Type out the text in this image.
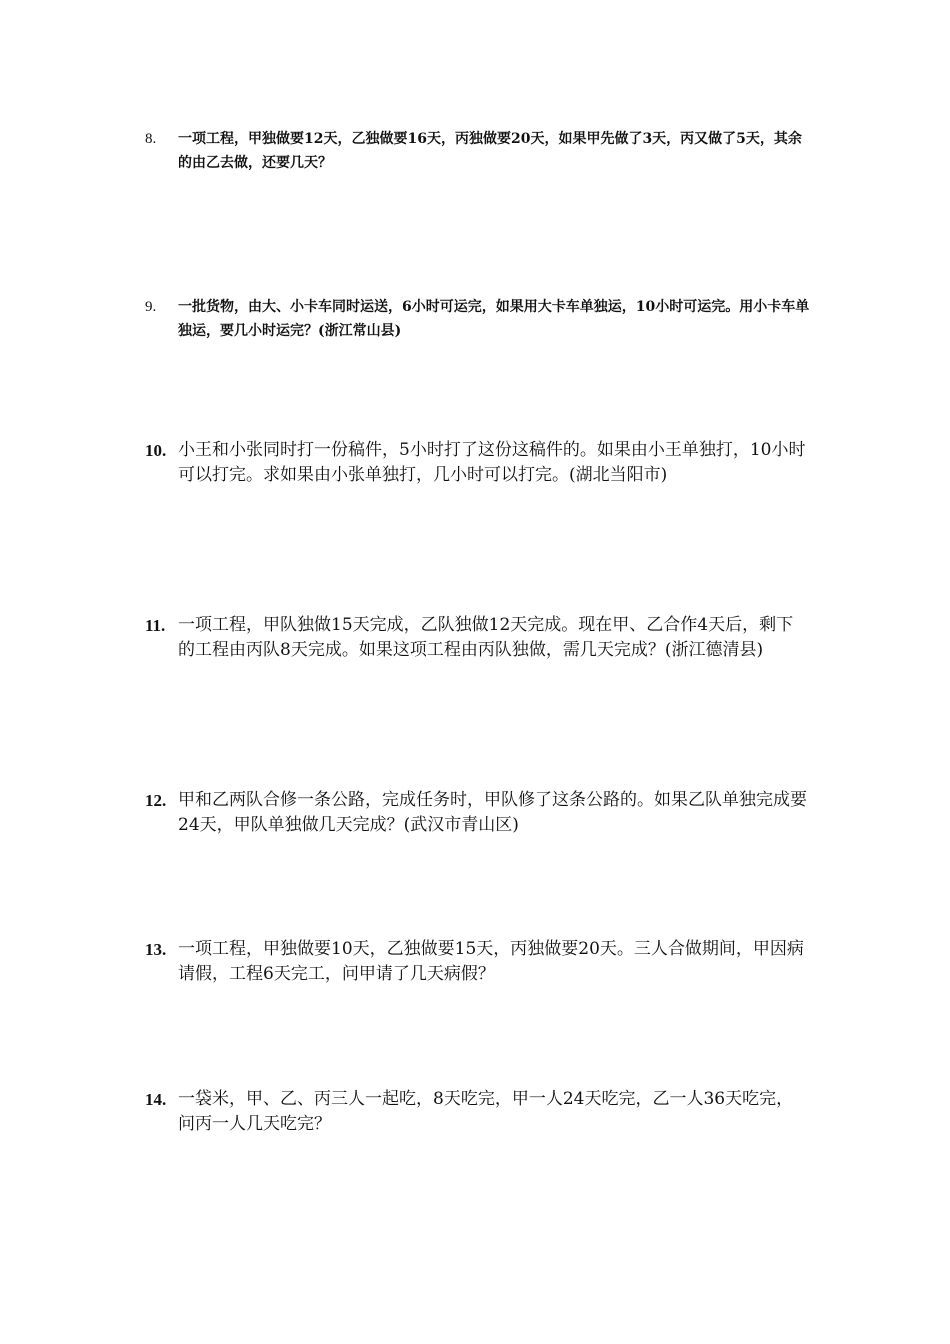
8.	一项工程，甲独做要12天，乙独做要16天，丙独做要20天，如果甲先做了3天，丙又做了5天，其余的由乙去做，还要几天？
9.	一批货物，由大、小卡车同时运送，6小时可运完，如果用大卡车单独运，10小时可运完。用小卡车单独运，要几小时运完？(浙江常山县)
10. 小王和小张同时打一份稿件，5小时打了这份这稿件的。如果由小王单独打，10小时可以打完。求如果由小张单独打，几小时可以打完。(湖北当阳市)
11. 一项工程，甲队独做15天完成，乙队独做12天完成。现在甲、乙合作4天后，剩下的工程由丙队8天完成。如果这项工程由丙队独做，需几天完成？(浙江德清县)
12. 甲和乙两队合修一条公路，完成任务时，甲队修了这条公路的。如果乙队单独完成要24天，甲队单独做几天完成？(武汉市青山区)
13. 一项工程，甲独做要10天，乙独做要15天，丙独做要20天。三人合做期间，甲因病请假，工程6天完工，问甲请了几天病假？
14. 一袋米，甲、乙、丙三人一起吃，8天吃完，甲一人24天吃完，乙一人36天吃完，问丙一人几天吃完？
